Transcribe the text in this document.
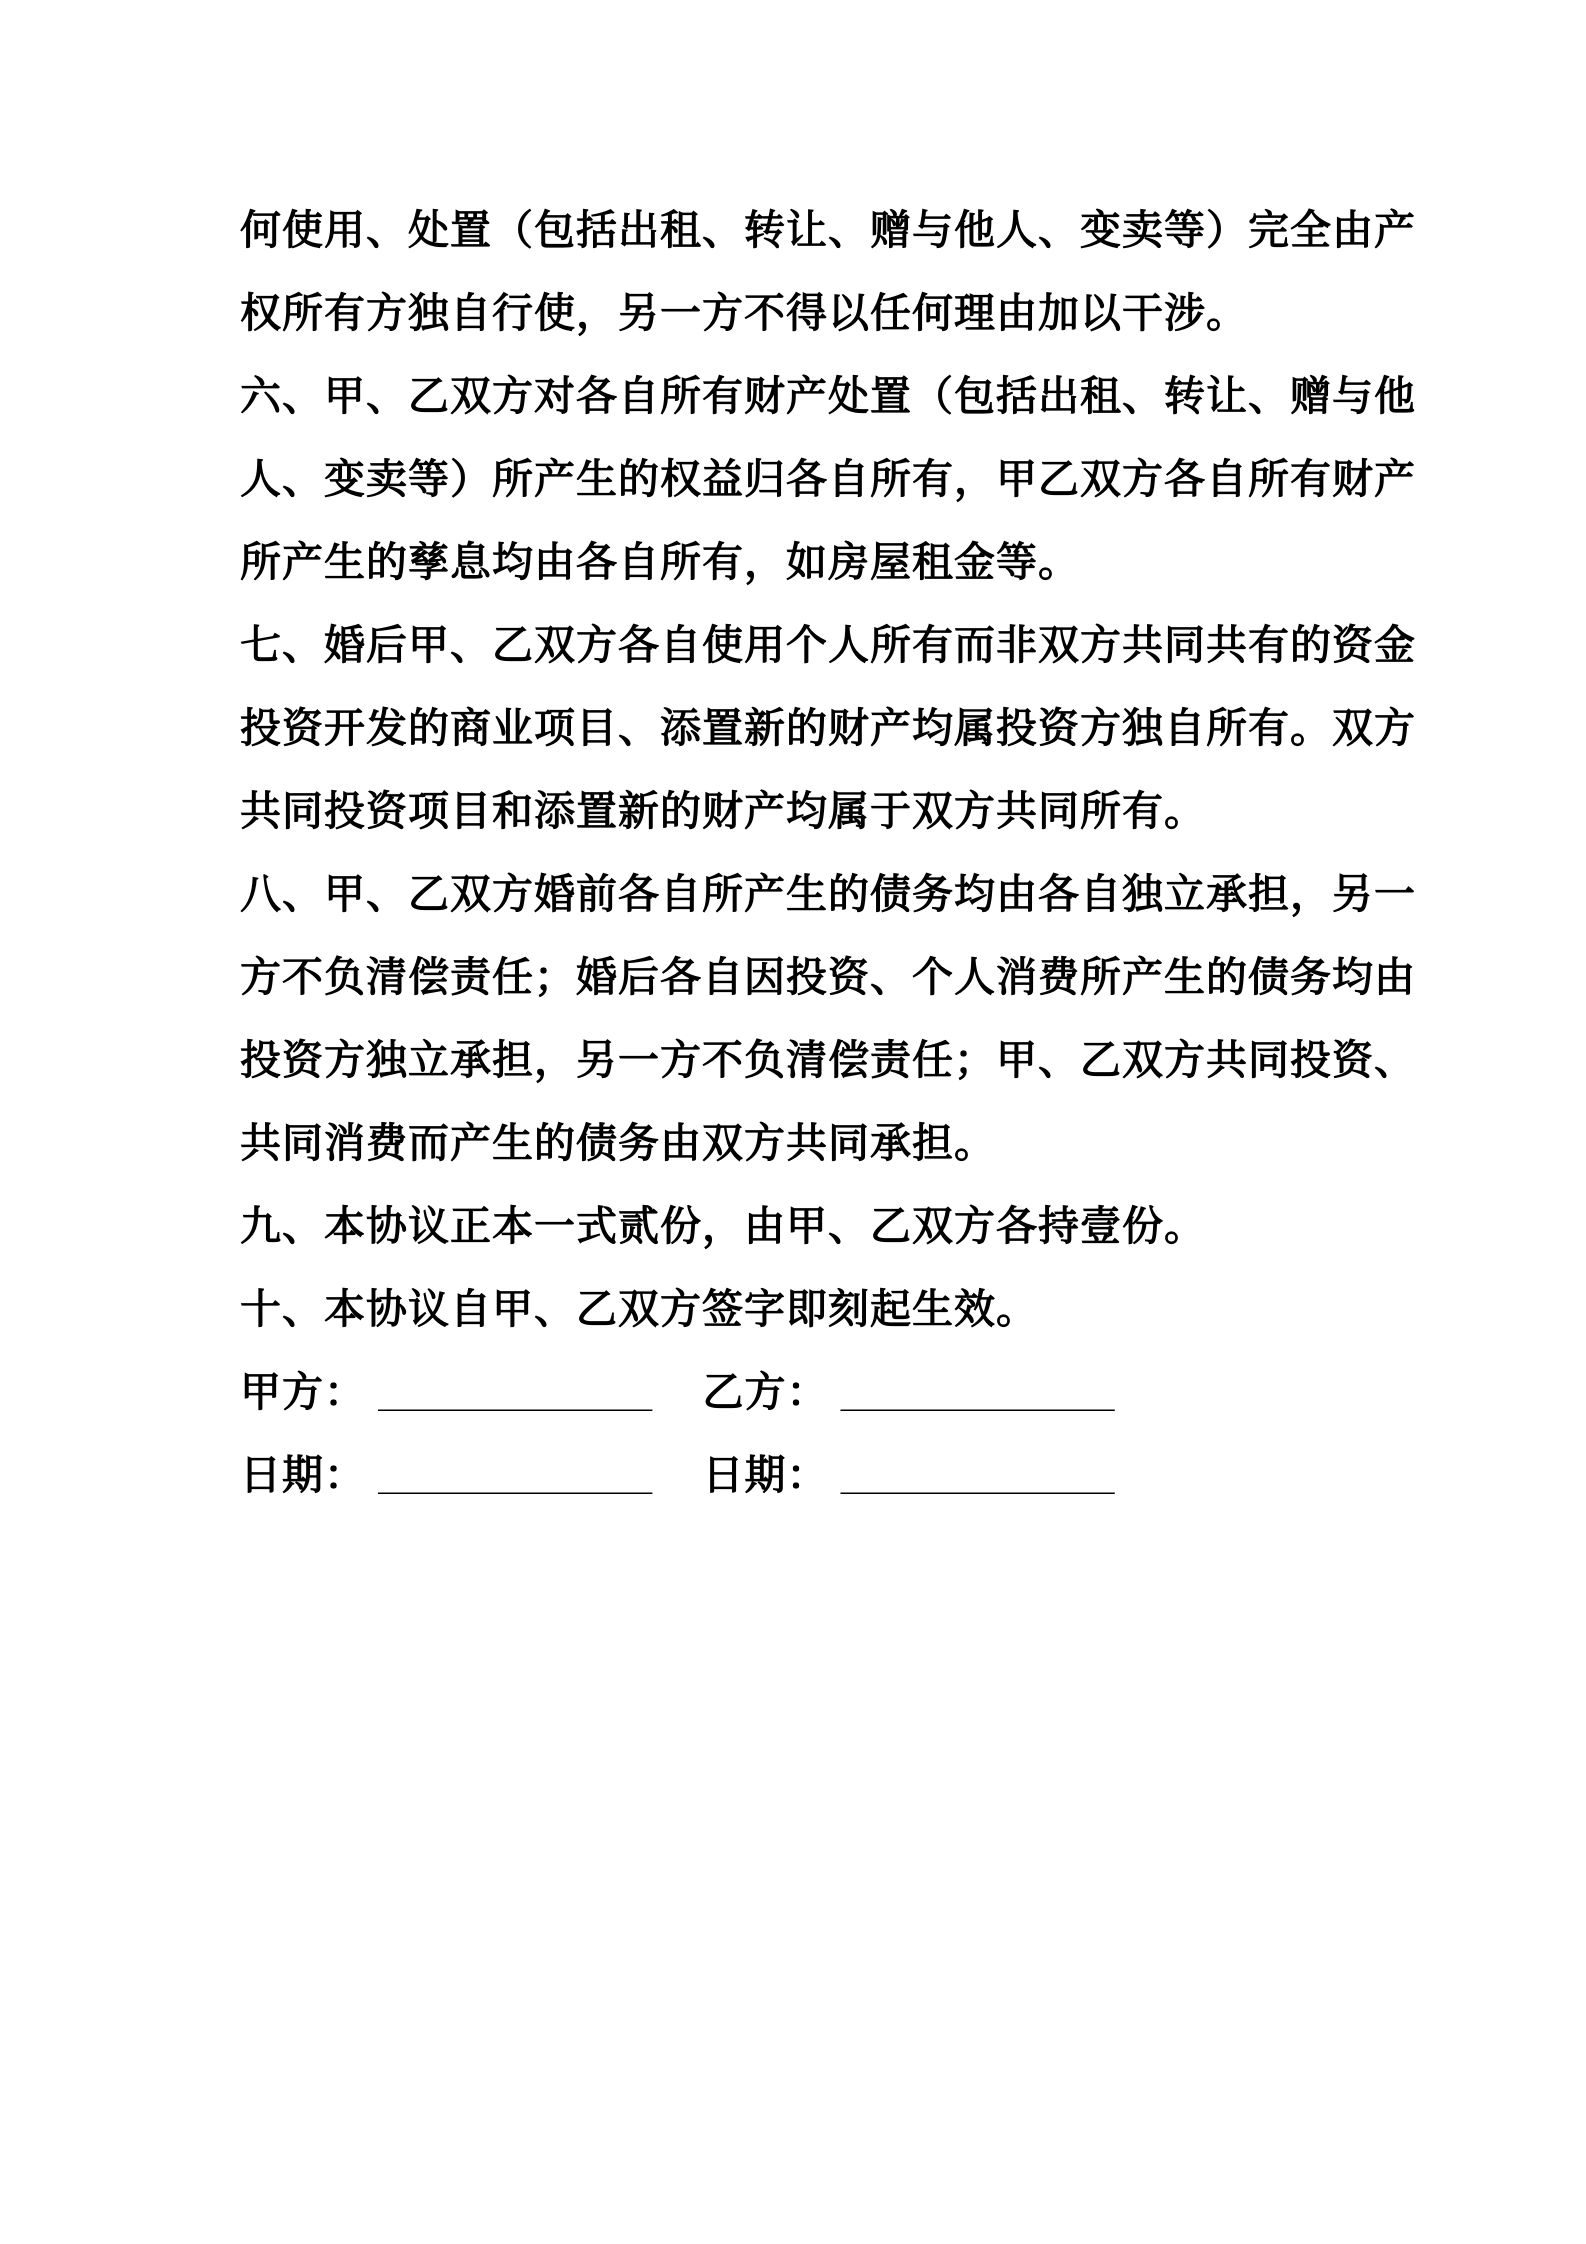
何使用、处置（包括出租、转让、赠与他人、变卖等）完全由产
权所有方独自行使，另一方不得以任何理由加以干涉。
六、甲、乙双方对各自所有财产处置（包括出租、转让、赠与他
人、变卖等）所产生的权益归各自所有，甲乙双方各自所有财产
所产生的孳息均由各自所有，如房屋租金等。
七、婚后甲、乙双方各自使用个人所有而非双方共同共有的资金
投资开发的商业项目、添置新的财产均属投资方独自所有。双方
共同投资项目和添置新的财产均属于双方共同所有。
八、甲、乙双方婚前各自所产生的债务均由各自独立承担，另一
方不负清偿责任；婚后各自因投资、个人消费所产生的债务均由
投资方独立承担，另一方不负清偿责任；甲、乙双方共同投资、
共同消费而产生的债务由双方共同承担。
九、本协议正本一式贰份，由甲、乙双方各持壹份。
十、本协议自甲、乙双方签字即刻起生效。
甲方： ____________ 乙方： ____________
日期： ____________ 日期： ____________
